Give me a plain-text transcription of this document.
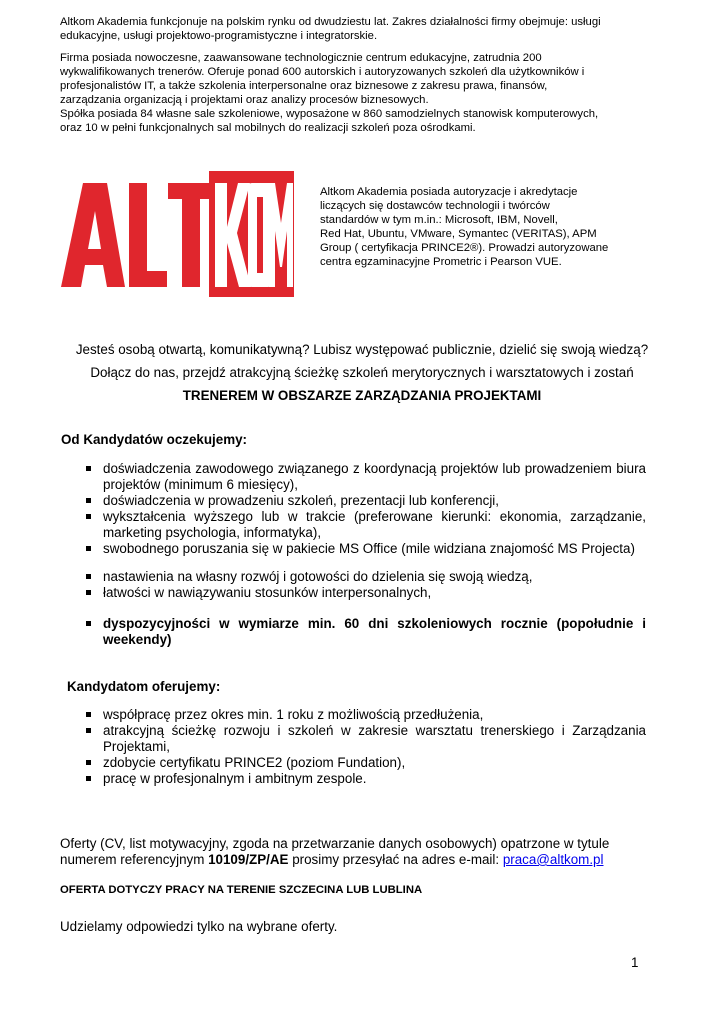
Altkom Akademia funkcjonuje na polskim rynku od dwudziestu lat. Zakres działalności firmy obejmuje: usługi
edukacyjne, usługi projektowo-programistyczne i integratorskie.

Firma posiada nowoczesne, zaawansowane technologicznie centrum edukacyjne, zatrudnia 200
wykwalifikowanych trenerów. Oferuje ponad 600 autorskich i autoryzowanych szkoleń dla użytkowników i
profesjonalistów IT, a także szkolenia interpersonalne oraz biznesowe z zakresu prawa, finansów,
zarządzania organizacją i projektami oraz analizy procesów biznesowych.
Spółka posiada 84 własne sale szkoleniowe, wyposażone w 860 samodzielnych stanowisk komputerowych,
oraz 10 w pełni funkcjonalnych sal mobilnych do realizacji szkoleń poza ośrodkami.

ALTKOM
Altkom Akademia posiada autoryzacje i akredytacje
liczących się dostawców technologii i twórców
standardów w tym m.in.: Microsoft, IBM, Novell,
Red Hat, Ubuntu, VMware, Symantec (VERITAS), APM
Group ( certyfikacja PRINCE2®). Prowadzi autoryzowane
centra egzaminacyjne Prometric i Pearson VUE.
Jesteś osobą otwartą, komunikatywną? Lubisz występować publicznie, dzielić się swoją wiedzą?
Dołącz do nas, przejdź atrakcyjną ścieżkę szkoleń merytorycznych i warsztatowych i zostań
TRENEREM W OBSZARZE ZARZĄDZANIA PROJEKTAMI
Od Kandydatów oczekujemy:
doświadczenia zawodowego związanego z koordynacją projektów lub prowadzeniem biura projektów (minimum 6 miesięcy),
doświadczenia w prowadzeniu szkoleń, prezentacji lub konferencji,
wykształcenia wyższego lub w trakcie (preferowane kierunki: ekonomia, zarządzanie, marketing psychologia, informatyka),
swobodnego poruszania się w pakiecie MS Office (mile widziana znajomość MS Projecta)
nastawienia na własny rozwój i gotowości do dzielenia się swoją wiedzą,
łatwości w nawiązywaniu stosunków interpersonalnych,
dyspozycyjności w wymiarze min. 60 dni szkoleniowych rocznie (popołudnie i weekendy)
Kandydatom oferujemy:
współpracę przez okres min. 1 roku z możliwością przedłużenia,
atrakcyjną ścieżkę rozwoju i szkoleń w zakresie warsztatu trenerskiego i Zarządzania Projektami,
zdobycie certyfikatu PRINCE2 (poziom Fundation),
pracę w profesjonalnym i ambitnym zespole.
Oferty (CV, list motywacyjny, zgoda na przetwarzanie danych osobowych) opatrzone w tytule
numerem referencyjnym 10109/ZP/AE prosimy przesyłać na adres e-mail: praca@altkom.pl
OFERTA DOTYCZY PRACY NA TERENIE SZCZECINA LUB LUBLINA
Udzielamy odpowiedzi tylko na wybrane oferty.
1
